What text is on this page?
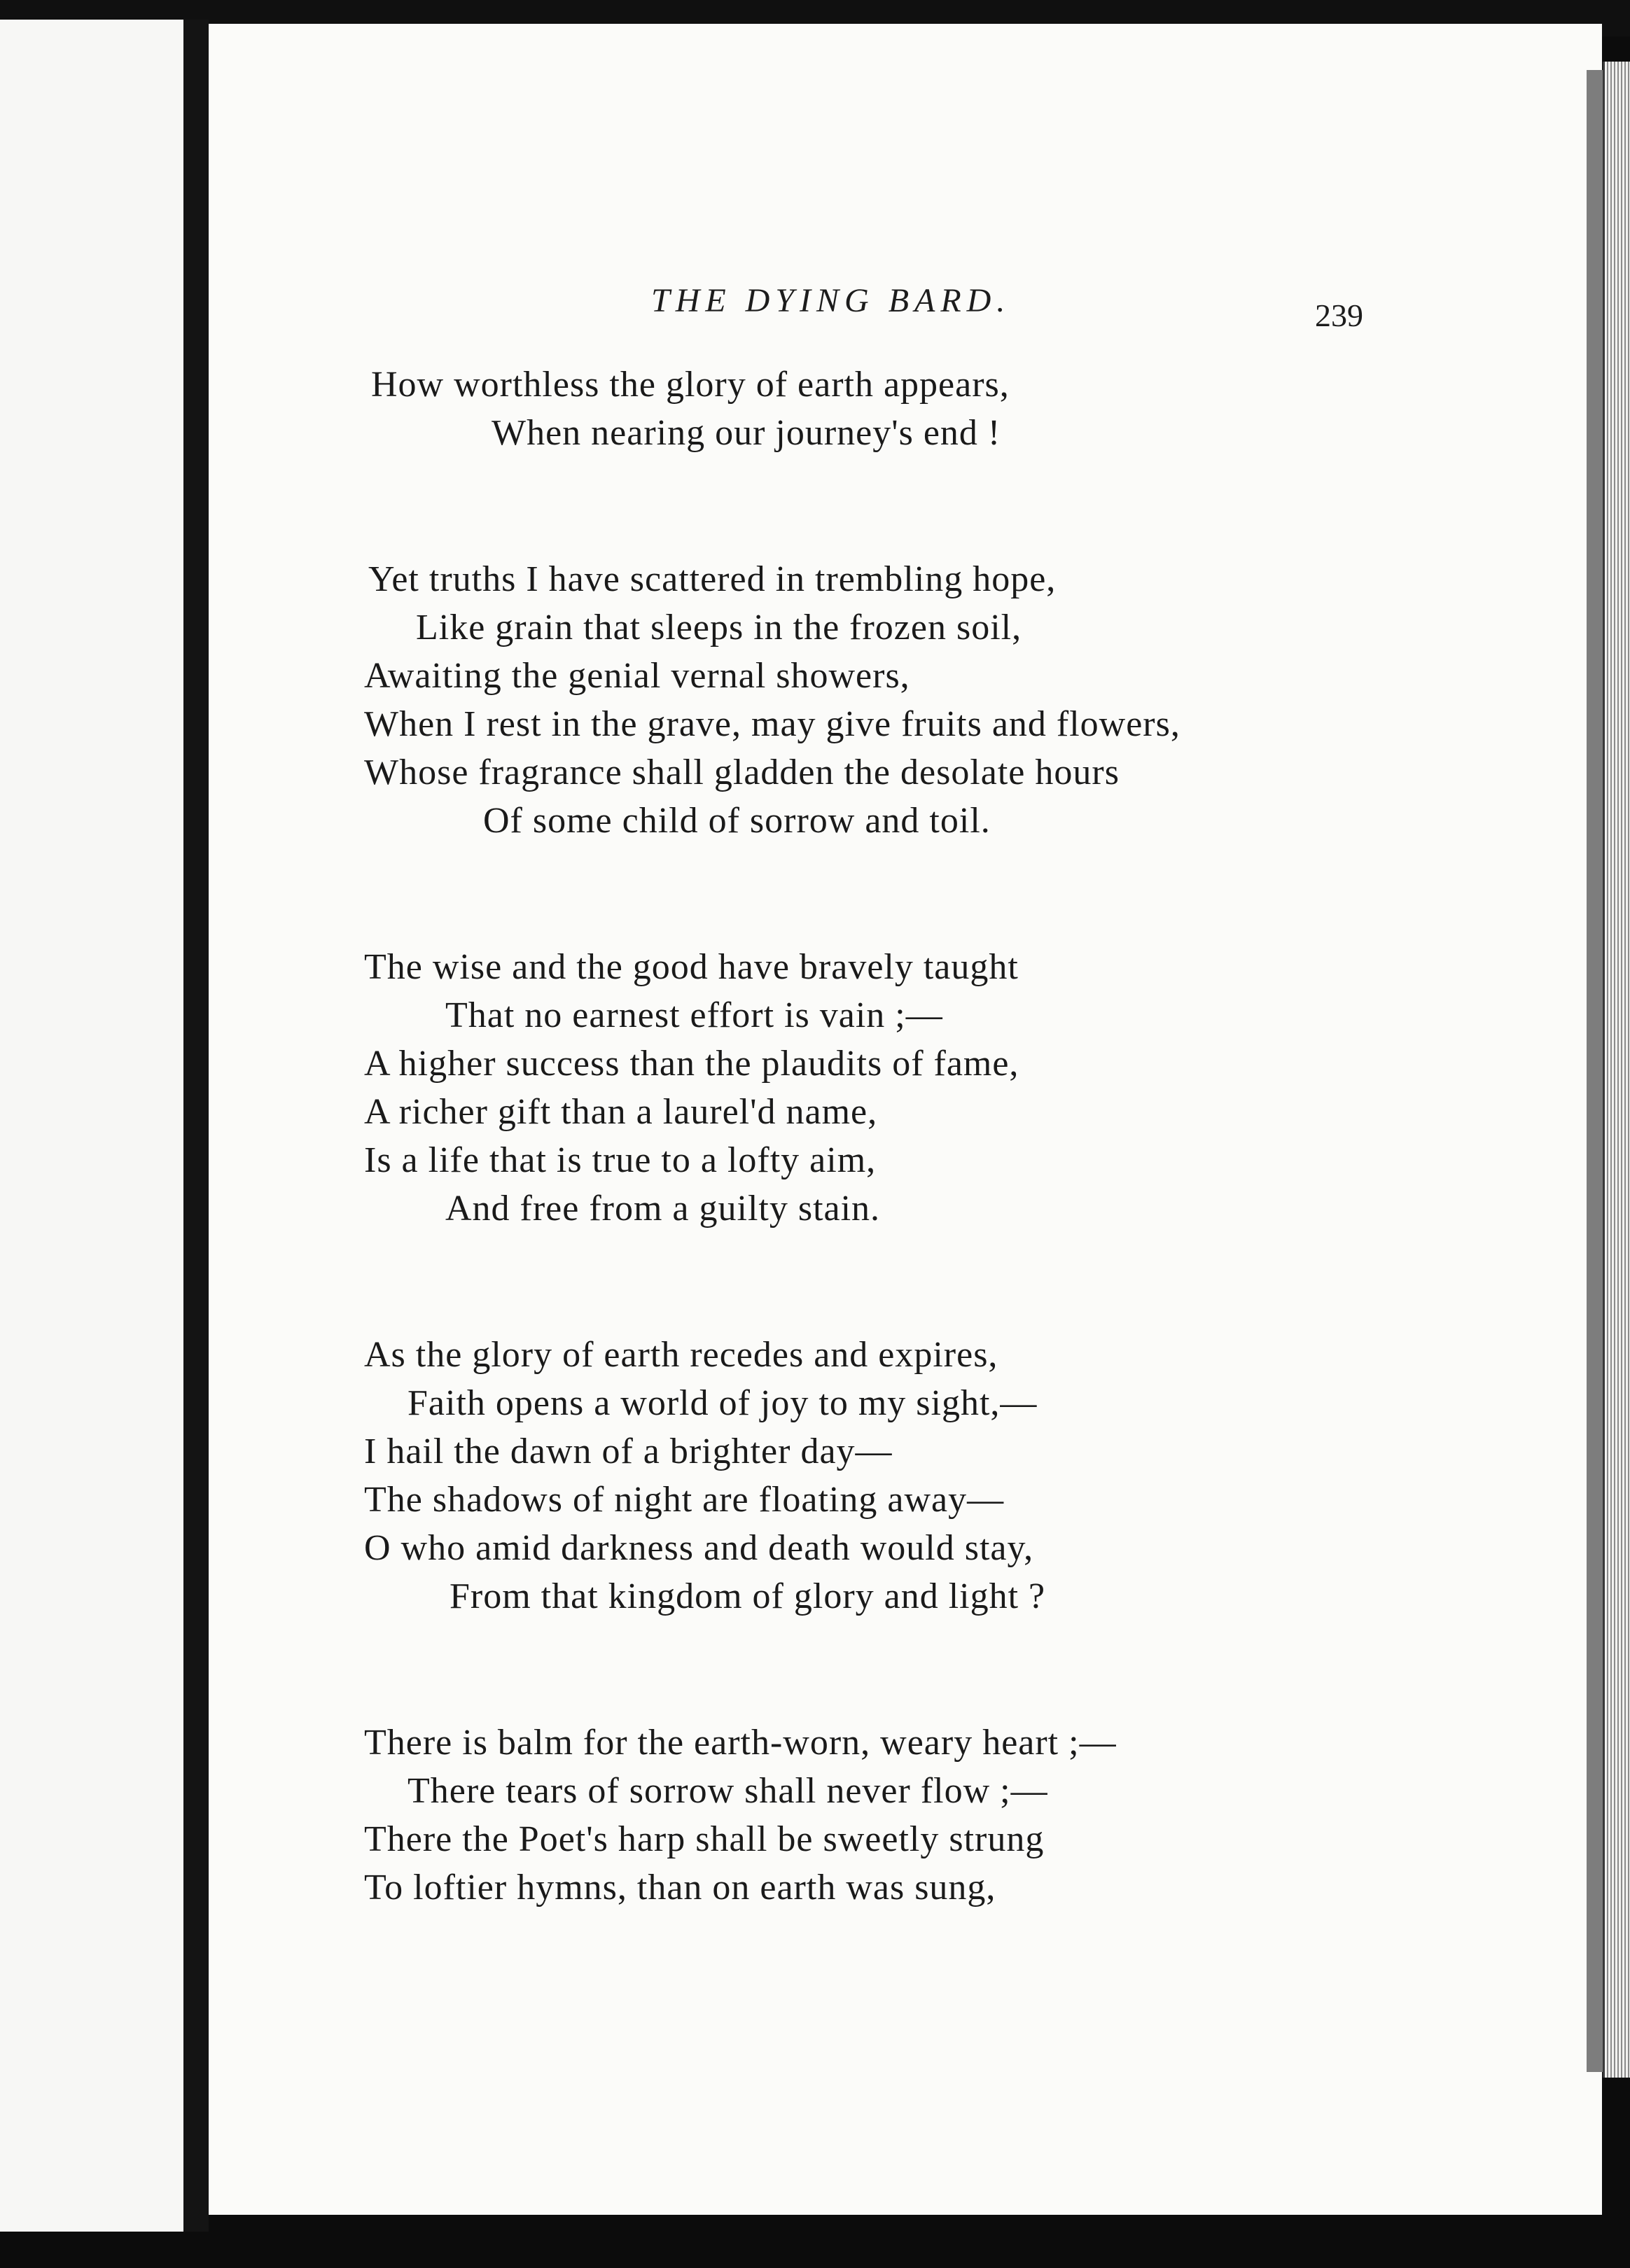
THE DYING BARD.	239
How worthless the glory of earth appears,
When nearing our journey's end !
Yet truths I have scattered in trembling hope,
Like grain that sleeps in the frozen soil,
Awaiting the genial vernal showers,
When I rest in the grave, may give fruits and flowers,
Whose fragrance shall gladden the desolate hours
Of some child of sorrow and toil.
The wise and the good have bravely taught
That no earnest effort is vain ;—
A higher success than the plaudits of fame,
A richer gift than a laurel'd name,
Is a life that is true to a lofty aim,
And free from a guilty stain.
As the glory of earth recedes and expires,
Faith opens a world of joy to my sight,—
I hail the dawn of a brighter day—
The shadows of night are floating away—
O who amid darkness and death would stay,
From that kingdom of glory and light ?
There is balm for the earth-worn, weary heart ;—
There tears of sorrow shall never flow ;—
There the Poet's harp shall be sweetly strung
To loftier hymns, than on earth was sung,
